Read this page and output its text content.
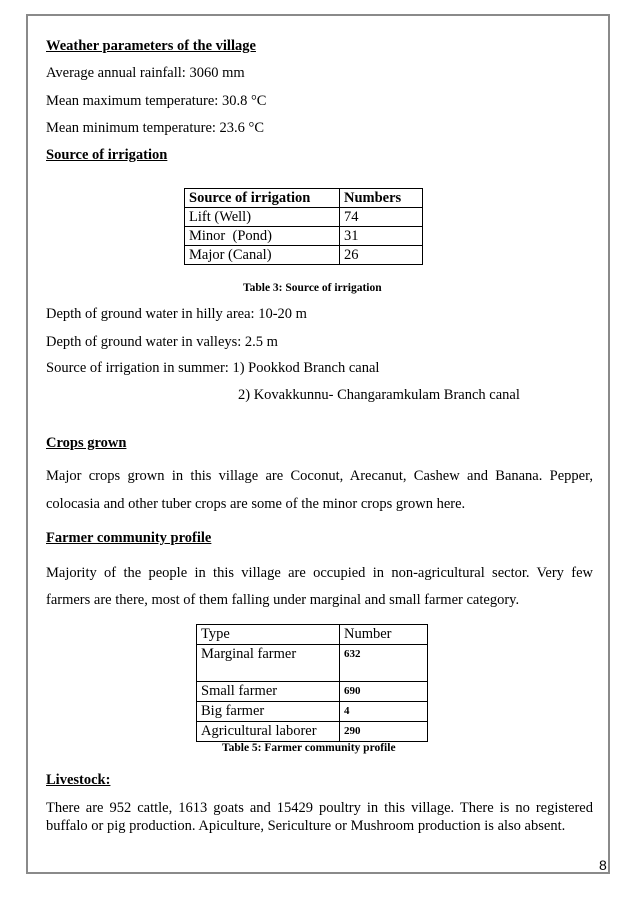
Weather parameters of the village
Average annual rainfall: 3060 mm
Mean maximum temperature: 30.8 °C
Mean minimum temperature: 23.6 °C
Source of irrigation
Source of irrigation	Numbers
Lift (Well)	74
Minor  (Pond)	31
Major (Canal)	26
Table 3: Source of irrigation
Depth of ground water in hilly area: 10-20 m
Depth of ground water in valleys: 2.5 m
Source of irrigation in summer: 1) Pookkod Branch canal
2) Kovakkunnu- Changaramkulam Branch canal
Crops grown
Major crops grown in this village are Coconut, Arecanut, Cashew and Banana. Pepper,
colocasia and other tuber crops are some of the minor crops grown here.
Farmer community profile
Majority of the people in this village are occupied in non-agricultural sector. Very few
farmers are there, most of them falling under marginal and small farmer category.
Type	Number
Marginal farmer	632
Small farmer	690
Big farmer	4
Agricultural laborer	290
Table 5: Farmer community profile
Livestock:
There are 952 cattle, 1613 goats and 15429 poultry in this village. There is no registered
buffalo or pig production. Apiculture, Sericulture or Mushroom production is also absent.
8
